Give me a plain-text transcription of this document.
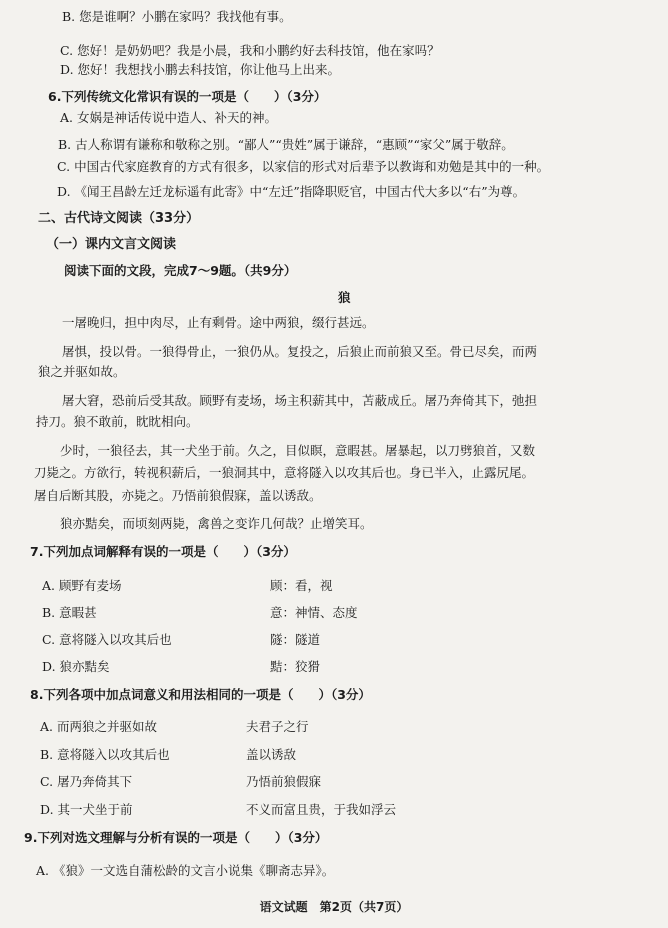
B. 您是谁啊？小鹏在家吗？我找他有事。
C. 您好！是奶奶吧？我是小晨，我和小鹏约好去科技馆，他在家吗？
D. 您好！我想找小鹏去科技馆，你让他马上出来。
6.下列传统文化常识有误的一项是（　　）（3分）
A. 女娲是神话传说中造人、补天的神。
B. 古人称谓有谦称和敬称之别。“鄙人”“贵姓”属于谦辞，“惠顾”“家父”属于敬辞。
C. 中国古代家庭教育的方式有很多，以家信的形式对后辈予以教诲和劝勉是其中的一种。
D. 《闻王昌龄左迁龙标遥有此寄》中“左迁”指降职贬官，中国古代大多以“右”为尊。
二、古代诗文阅读（33分）
（一）课内文言文阅读
阅读下面的文段，完成7～9题。（共9分）
狼
一屠晚归，担中肉尽，止有剩骨。途中两狼，缀行甚远。
屠惧，投以骨。一狼得骨止，一狼仍从。复投之，后狼止而前狼又至。骨已尽矣，而两
狼之并驱如故。
屠大窘，恐前后受其敌。顾野有麦场，场主积薪其中，苫蔽成丘。屠乃奔倚其下，弛担
持刀。狼不敢前，眈眈相向。
少时，一狼径去，其一犬坐于前。久之，目似瞑，意暇甚。屠暴起，以刀劈狼首，又数
刀毙之。方欲行，转视积薪后，一狼洞其中，意将隧入以攻其后也。身已半入，止露尻尾。
屠自后断其股，亦毙之。乃悟前狼假寐，盖以诱敌。
狼亦黠矣，而顷刻两毙，禽兽之变诈几何哉？止增笑耳。
7.下列加点词解释有误的一项是（　　）（3分）
A. 顾野有麦场	顾：看，视
B. 意暇甚	意：神情、态度
C. 意将隧入以攻其后也	隧：隧道
D. 狼亦黠矣	黠：狡猾
8.下列各项中加点词意义和用法相同的一项是（　　）（3分）
A. 而两狼之并驱如故	夫君子之行
B. 意将隧入以攻其后也	盖以诱敌
C. 屠乃奔倚其下	乃悟前狼假寐
D. 其一犬坐于前	不义而富且贵，于我如浮云
9.下列对选文理解与分析有误的一项是（　　）（3分）
A. 《狼》一文选自蒲松龄的文言小说集《聊斋志异》。
语文试题　第2页（共7页）
